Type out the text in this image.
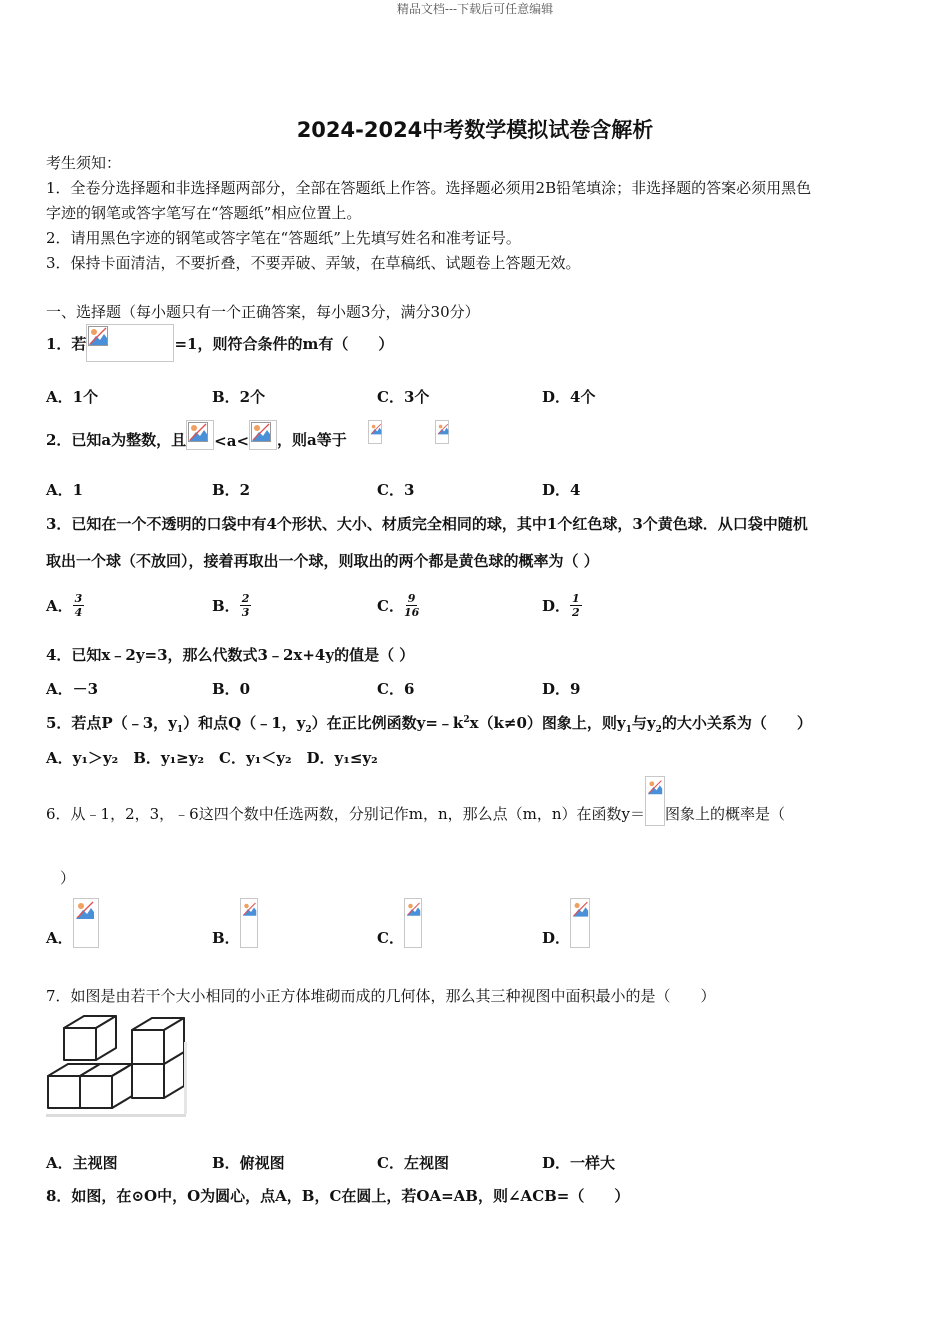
精品文档---下载后可任意编辑
2024-2024中考数学模拟试卷含解析
考生须知：
1．全卷分选择题和非选择题两部分，全部在答题纸上作答。选择题必须用2B铅笔填涂；非选择题的答案必须用黑色
字迹的钢笔或答字笔写在“答题纸”相应位置上。
2．请用黑色字迹的钢笔或答字笔在“答题纸”上先填写姓名和准考证号。
3．保持卡面清洁，不要折叠，不要弄破、弄皱，在草稿纸、试题卷上答题无效。
一、选择题（每小题只有一个正确答案，每小题3分，满分30分）
1．若	=1，则符合条件的m有（　　）
A．1个	B．2个	C．3个	D．4个
2．已知a为整数，且 <a< ，则a等于

A．1	B．2	C．3	D．4
3．已知在一个不透明的口袋中有4个形状、大小、材质完全相同的球，其中1个红色球，3个黄色球．从口袋中随机
取出一个球（不放回），接着再取出一个球，则取出的两个都是黄色球的概率为（ ）
A． $\frac{3}{4}$	B． $\frac{2}{3}$	C． $\frac{9}{16}$	D． $\frac{1}{2}$
4．已知x﹣2y=3，那么代数式3﹣2x+4y的值是（ ）
A．－3	B．0	C．6	D．9
5．若点P（﹣3，$y_1$）和点Q（﹣1，$y_2$）在正比例函数$y=﹣k^2x(k\ne 0)$图象上，则$y_1$与$y_2$的大小关系为（　　）
A．y₁＞y₂　B．y₁≥y₂　C．y₁＜y₂　D．y₁≤y₂
6．从﹣1，2，3，﹣6这四个数中任选两数，分别记作m，n，那么点（m，n）在函数y＝ 图象上的概率是（
）
A．	B．	C．	D．
7．如图是由若干个大小相同的小正方体堆砌而成的几何体，那么其三种视图中面积最小的是（　　）
A．主视图	B．俯视图	C．左视图	D．一样大
8．如图，在⊙O中，O为圆心，点A，B，C在圆上，若OA=AB，则∠ACB=（　　）
